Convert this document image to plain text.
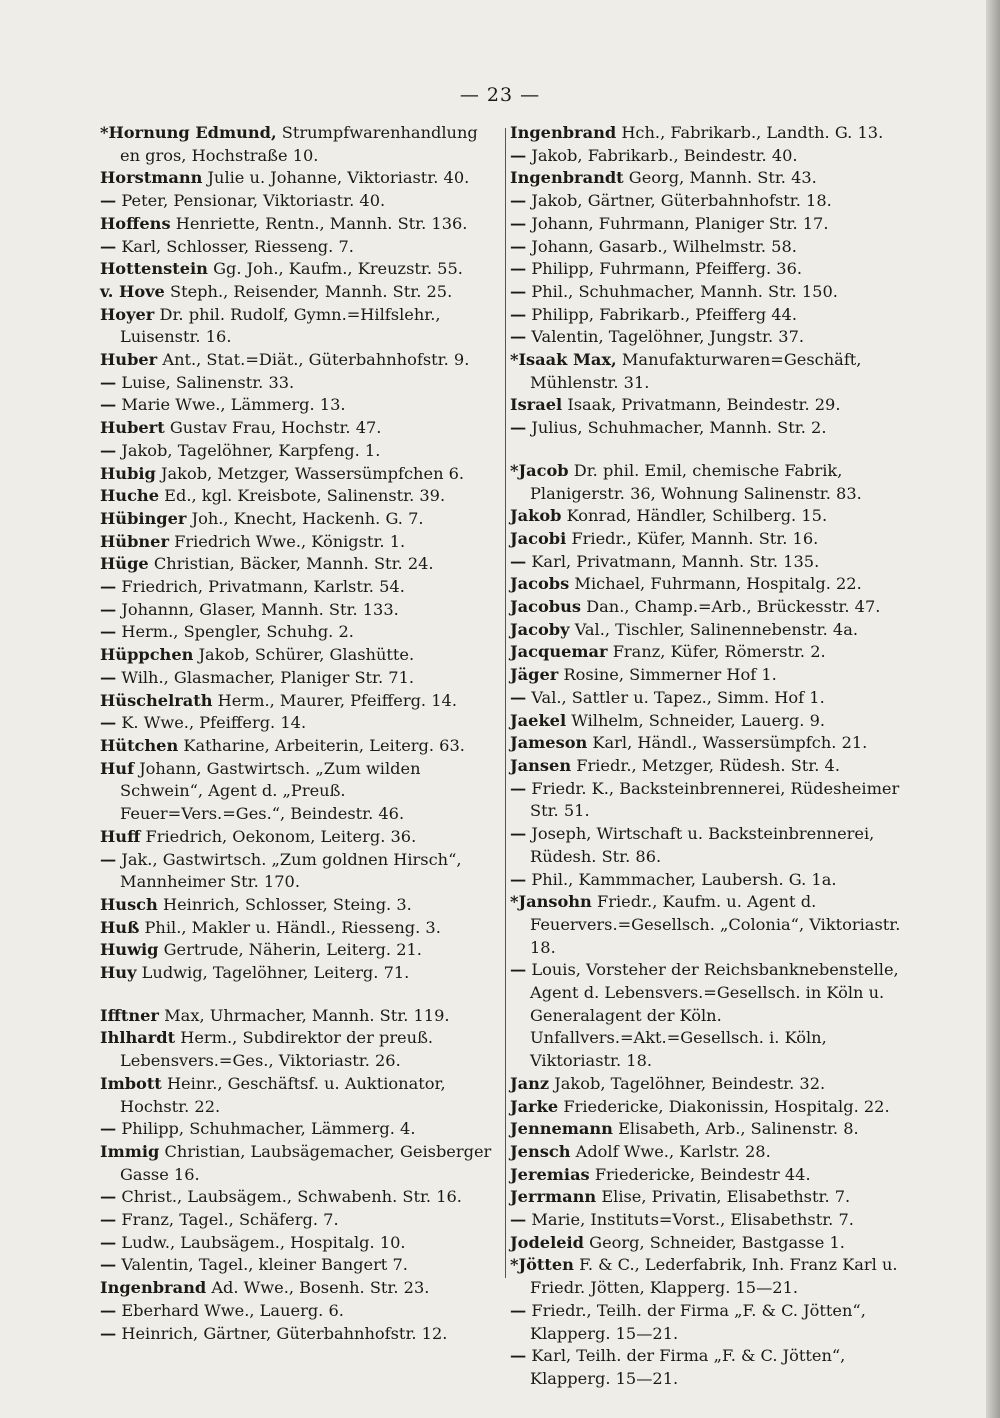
— 23 —

*Hornung Edmund, Strumpfwarenhandlung en gros, Hochstraße 10.

Horstmann Julie u. Johanne, Viktoriastr. 40.

— Peter, Pensionar, Viktoriastr. 40.

Hoffens Henriette, Rentn., Mannh. Str. 136.

— Karl, Schlosser, Riesseng. 7.

Hottenstein Gg. Joh., Kaufm., Kreuzstr. 55.

v. Hove Steph., Reisender, Mannh. Str. 25.

Hoyer Dr. phil. Rudolf, Gymn.=Hilfslehr., Luisenstr. 16.

Huber Ant., Stat.=Diät., Güterbahnhofstr. 9.

— Luise, Salinenstr. 33.

— Marie Wwe., Lämmerg. 13.

Hubert Gustav Frau, Hochstr. 47.

— Jakob, Tagelöhner, Karpfeng. 1.

Hubig Jakob, Metzger, Wassersümpfchen 6.

Huche Ed., kgl. Kreisbote, Salinenstr. 39.

Hübinger Joh., Knecht, Hackenh. G. 7.

Hübner Friedrich Wwe., Königstr. 1.

Hüge Christian, Bäcker, Mannh. Str. 24.

— Friedrich, Privatmann, Karlstr. 54.

— Johannn, Glaser, Mannh. Str. 133.

— Herm., Spengler, Schuhg. 2.

Hüppchen Jakob, Schürer, Glashütte.

— Wilh., Glasmacher, Planiger Str. 71.

Hüschelrath Herm., Maurer, Pfeifferg. 14.

— K. Wwe., Pfeifferg. 14.

Hütchen Katharine, Arbeiterin, Leiterg. 63.

Huf Johann, Gastwirtsch. „Zum wilden Schwein“, Agent d. „Preuß. Feuer=Vers.=Ges.“, Beindestr. 46.

Huff Friedrich, Oekonom, Leiterg. 36.

— Jak., Gastwirtsch. „Zum goldnen Hirsch“, Mannheimer Str. 170.

Husch Heinrich, Schlosser, Steing. 3.

Huß Phil., Makler u. Händl., Riesseng. 3.

Huwig Gertrude, Näherin, Leiterg. 21.

Huy Ludwig, Tagelöhner, Leiterg. 71.

Ifftner Max, Uhrmacher, Mannh. Str. 119.

Ihlhardt Herm., Subdirektor der preuß. Lebensvers.=Ges., Viktoriastr. 26.

Imbott Heinr., Geschäftsf. u. Auktionator, Hochstr. 22.

— Philipp, Schuhmacher, Lämmerg. 4.

Immig Christian, Laubsägemacher, Geisberger Gasse 16.

— Christ., Laubsägem., Schwabenh. Str. 16.

— Franz, Tagel., Schäferg. 7.

— Ludw., Laubsägem., Hospitalg. 10.

— Valentin, Tagel., kleiner Bangert 7.

Ingenbrand Ad. Wwe., Bosenh. Str. 23.

— Eberhard Wwe., Lauerg. 6.

— Heinrich, Gärtner, Güterbahnhofstr. 12.

Ingenbrand Hch., Fabrikarb., Landth. G. 13.

— Jakob, Fabrikarb., Beindestr. 40.

Ingenbrandt Georg, Mannh. Str. 43.

— Jakob, Gärtner, Güterbahnhofstr. 18.

— Johann, Fuhrmann, Planiger Str. 17.

— Johann, Gasarb., Wilhelmstr. 58.

— Philipp, Fuhrmann, Pfeifferg. 36.

— Phil., Schuhmacher, Mannh. Str. 150.

— Philipp, Fabrikarb., Pfeifferg 44.

— Valentin, Tagelöhner, Jungstr. 37.

*Isaak Max, Manufakturwaren=Geschäft, Mühlenstr. 31.

Israel Isaak, Privatmann, Beindestr. 29.

— Julius, Schuhmacher, Mannh. Str. 2.

*Jacob Dr. phil. Emil, chemische Fabrik, Planigerstr. 36, Wohnung Salinenstr. 83.

Jakob Konrad, Händler, Schilberg. 15.

Jacobi Friedr., Küfer, Mannh. Str. 16.

— Karl, Privatmann, Mannh. Str. 135.

Jacobs Michael, Fuhrmann, Hospitalg. 22.

Jacobus Dan., Champ.=Arb., Brückesstr. 47.

Jacoby Val., Tischler, Salinennebenstr. 4a.

Jacquemar Franz, Küfer, Römerstr. 2.

Jäger Rosine, Simmerner Hof 1.

— Val., Sattler u. Tapez., Simm. Hof 1.

Jaekel Wilhelm, Schneider, Lauerg. 9.

Jameson Karl, Händl., Wassersümpfch. 21.

Jansen Friedr., Metzger, Rüdesh. Str. 4.

— Friedr. K., Backsteinbrennerei, Rüdesheimer Str. 51.

— Joseph, Wirtschaft u. Backsteinbrennerei, Rüdesh. Str. 86.

— Phil., Kammmacher, Laubersh. G. 1a.

*Jansohn Friedr., Kaufm. u. Agent d. Feuervers.=Gesellsch. „Colonia“, Viktoriastr. 18.

— Louis, Vorsteher der Reichsbanknebenstelle, Agent d. Lebensvers.=Gesellsch. in Köln u. Generalagent der Köln. Unfallvers.=Akt.=Gesellsch. i. Köln, Viktoriastr. 18.

Janz Jakob, Tagelöhner, Beindestr. 32.

Jarke Friedericke, Diakonissin, Hospitalg. 22.

Jennemann Elisabeth, Arb., Salinenstr. 8.

Jensch Adolf Wwe., Karlstr. 28.

Jeremias Friedericke, Beindestr 44.

Jerrmann Elise, Privatin, Elisabethstr. 7.

— Marie, Instituts=Vorst., Elisabethstr. 7.

Jodeleid Georg, Schneider, Bastgasse 1.

*Jötten F. & C., Lederfabrik, Inh. Franz Karl u. Friedr. Jötten, Klapperg. 15—21.

— Friedr., Teilh. der Firma „F. & C. Jötten“, Klapperg. 15—21.

— Karl, Teilh. der Firma „F. & C. Jötten“, Klapperg. 15—21.
